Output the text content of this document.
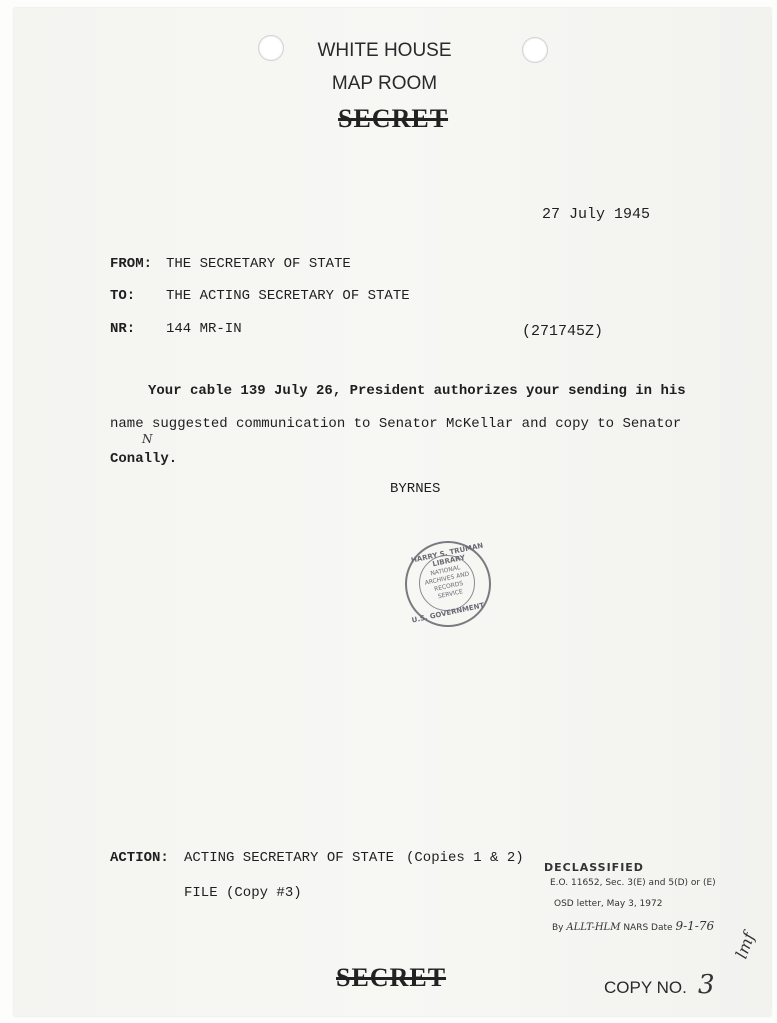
WHITE HOUSE
MAP ROOM
SECRET
27 July 1945
FROM: THE SECRETARY OF STATE
TO: THE ACTING SECRETARY OF STATE
NR: 144 MR-IN	(271745Z)
Your cable 139 July 26, President authorizes your sending in his
name suggested communication to Senator McKellar and copy to Senator
Conally.
N
BYRNES
HARRY S. TRUMAN LIBRARY
NATIONAL ARCHIVES AND RECORDS SERVICE
U.S. GOVERNMENT
ACTION: ACTING SECRETARY OF STATE (Copies 1 & 2)
FILE (Copy #3)
DECLASSIFIED
E.O. 11652, Sec. 3(E) and 5(D) or (E)
OSD letter, May 3, 1972
By ALLT-HLM NARS Date 9-1-76
SECRET	COPY NO. 3
lmf
